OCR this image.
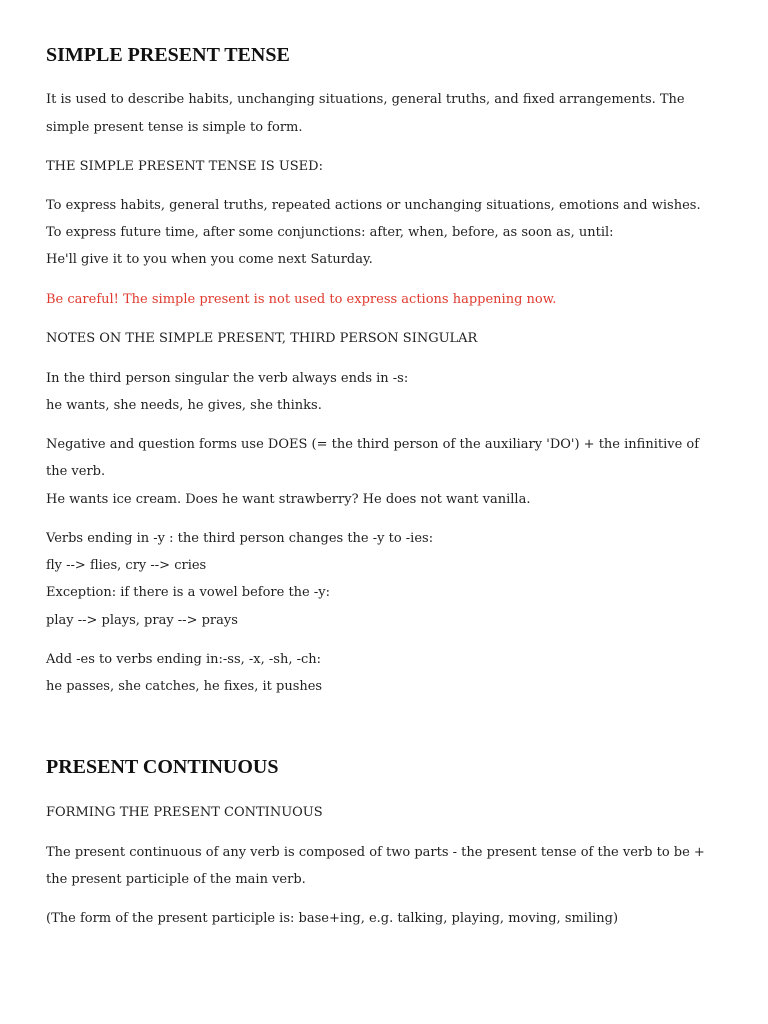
SIMPLE PRESENT TENSE

It is used to describe habits, unchanging situations, general truths, and fixed arrangements. The

simple present tense is simple to form.

THE SIMPLE PRESENT TENSE IS USED:

To express habits, general truths, repeated actions or unchanging situations, emotions and wishes.

To express future time, after some conjunctions: after, when, before, as soon as, until:

He'll give it to you when you come next Saturday.

Be careful! The simple present is not used to express actions happening now.

NOTES ON THE SIMPLE PRESENT, THIRD PERSON SINGULAR

In the third person singular the verb always ends in -s:

he wants, she needs, he gives, she thinks.

Negative and question forms use DOES (= the third person of the auxiliary 'DO') + the infinitive of

the verb.

He wants ice cream. Does he want strawberry? He does not want vanilla.

Verbs ending in -y : the third person changes the -y to -ies:

fly --> flies, cry --> cries

Exception: if there is a vowel before the -y:

play --> plays, pray --> prays

Add -es to verbs ending in:-ss, -x, -sh, -ch:

he passes, she catches, he fixes, it pushes

PRESENT CONTINUOUS

FORMING THE PRESENT CONTINUOUS

The present continuous of any verb is composed of two parts - the present tense of the verb to be +

the present participle of the main verb.

(The form of the present participle is: base+ing, e.g. talking, playing, moving, smiling)
